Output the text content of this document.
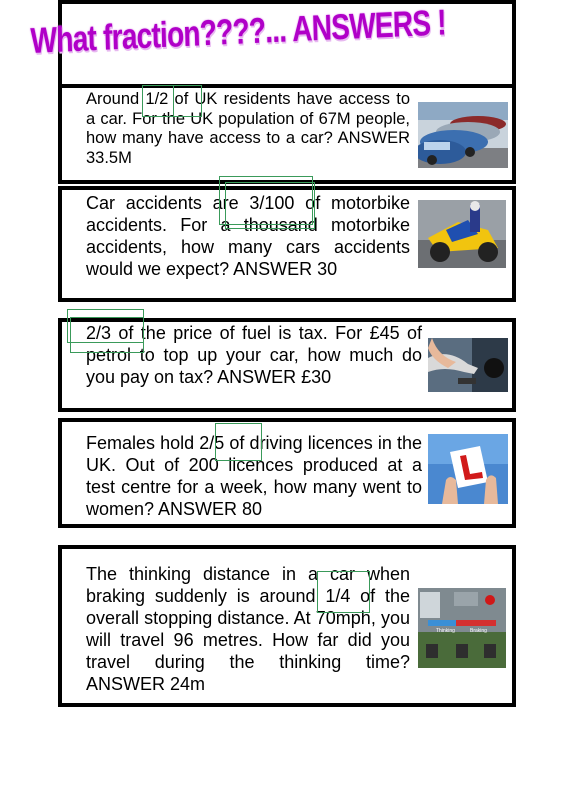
What fraction????... ANSWERS !
Around 1/2 of UK residents have access to a car. For the UK population of 67M people, how many have access to a car? ANSWER 33.5M
Car accidents are 3/100 of motorbike accidents. For a thousand motorbike accidents, how many cars accidents would we expect? ANSWER 30
2/3 of the price of fuel is tax. For £45 of petrol to top up your car, how much do you pay on tax? ANSWER £30
Females hold 2/5 of driving licences in the UK. Out of 200 licences produced at a test centre for a week, how many went to women? ANSWER 80
The thinking distance in a car when braking suddenly is around 1/4 of the overall stopping distance. At 70mph, you will travel 96 metres. How far did you travel during the thinking time? ANSWER 24m
Thinking	Braking
